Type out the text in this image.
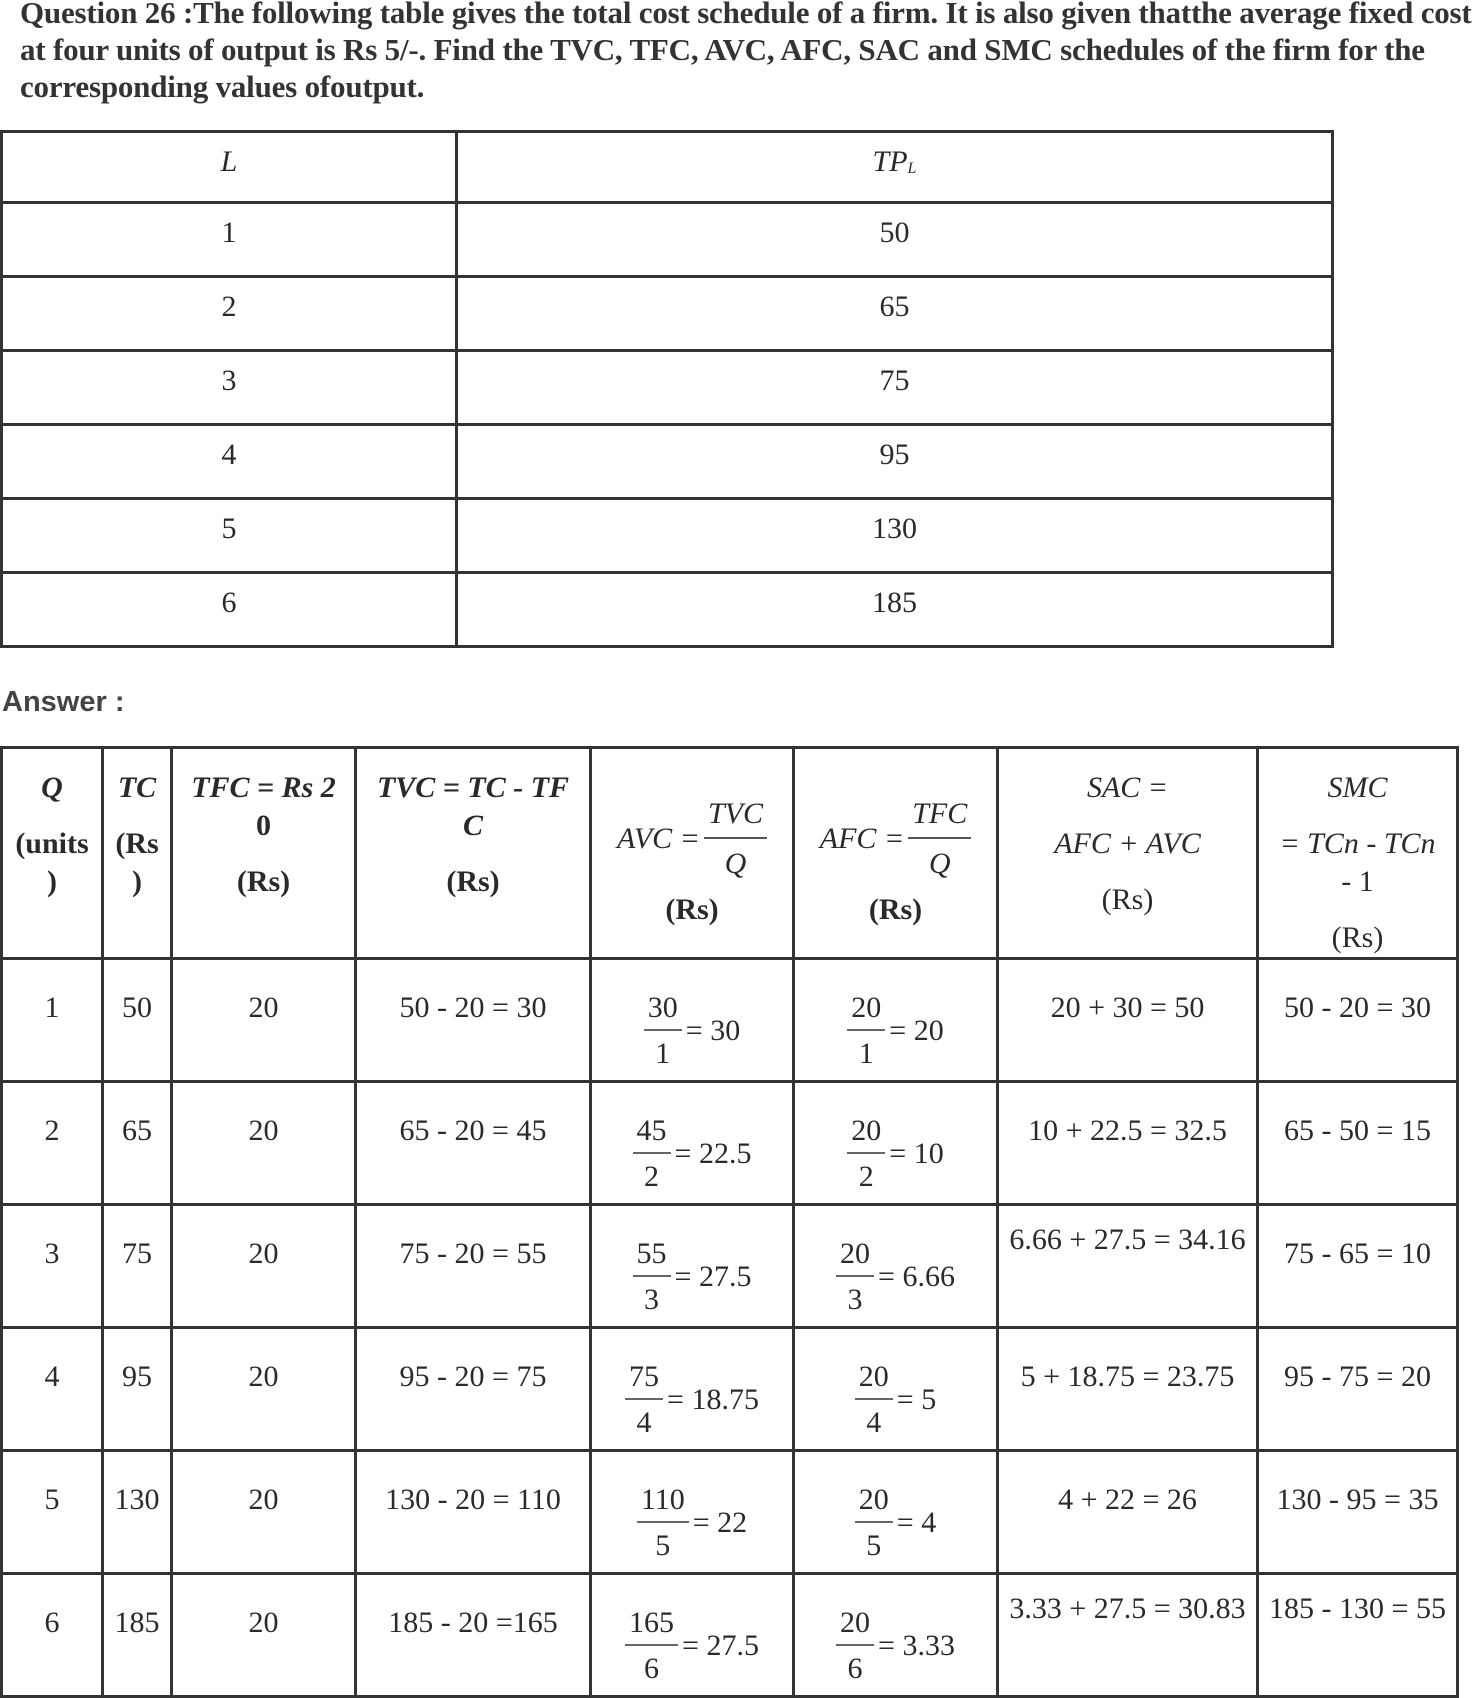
Question 26 :The following table gives the total cost schedule of a firm. It is also given thatthe average fixed cost at four units of output is Rs 5/-. Find the TVC, TFC, AVC, AFC, SAC and SMC schedules of the firm for the corresponding values ofoutput.
L	TPL
1	50
2	65
3	75
4	95
5	130
6	185
Answer :
Q
(units
)	TC
(Rs
)	TFC = Rs 2
0
(Rs)	TVC = TC - TF
C
(Rs)	AVC = $\frac{\text{TVC}}{Q}$
(Rs)	AFC = $\frac{\text{TFC}}{Q}$
(Rs)	SAC =
AFC + AVC
(Rs)	SMC
= TCn - TCn
- 1
(Rs)

1	50	20	50 - 20 = 30	$\frac{30}{1} = 30$	$\frac{20}{1} = 20$	20 + 30 = 50	50 - 20 = 30
2	65	20	65 - 20 = 45	$\frac{45}{2} = 22.5$	$\frac{20}{2} = 10$	10 + 22.5 = 32.5	65 - 50 = 15
3	75	20	75 - 20 = 55	$\frac{55}{3} = 27.5$	$\frac{20}{3} = 6.66$	6.66 + 27.5 = 34.16	75 - 65 = 10
4	95	20	95 - 20 = 75	$\frac{75}{4} = 18.75$	$\frac{20}{4} = 5$	5 + 18.75 = 23.75	95 - 75 = 20
5	130	20	130 - 20 = 110	$\frac{110}{5} = 22$	$\frac{20}{5} = 4$	4 + 22 = 26	130 - 95 = 35
6	185	20	185 - 20 =165	$\frac{165}{6} = 27.5$	$\frac{20}{6} = 3.33$	3.33 + 27.5 = 30.83	185 - 130 = 55
